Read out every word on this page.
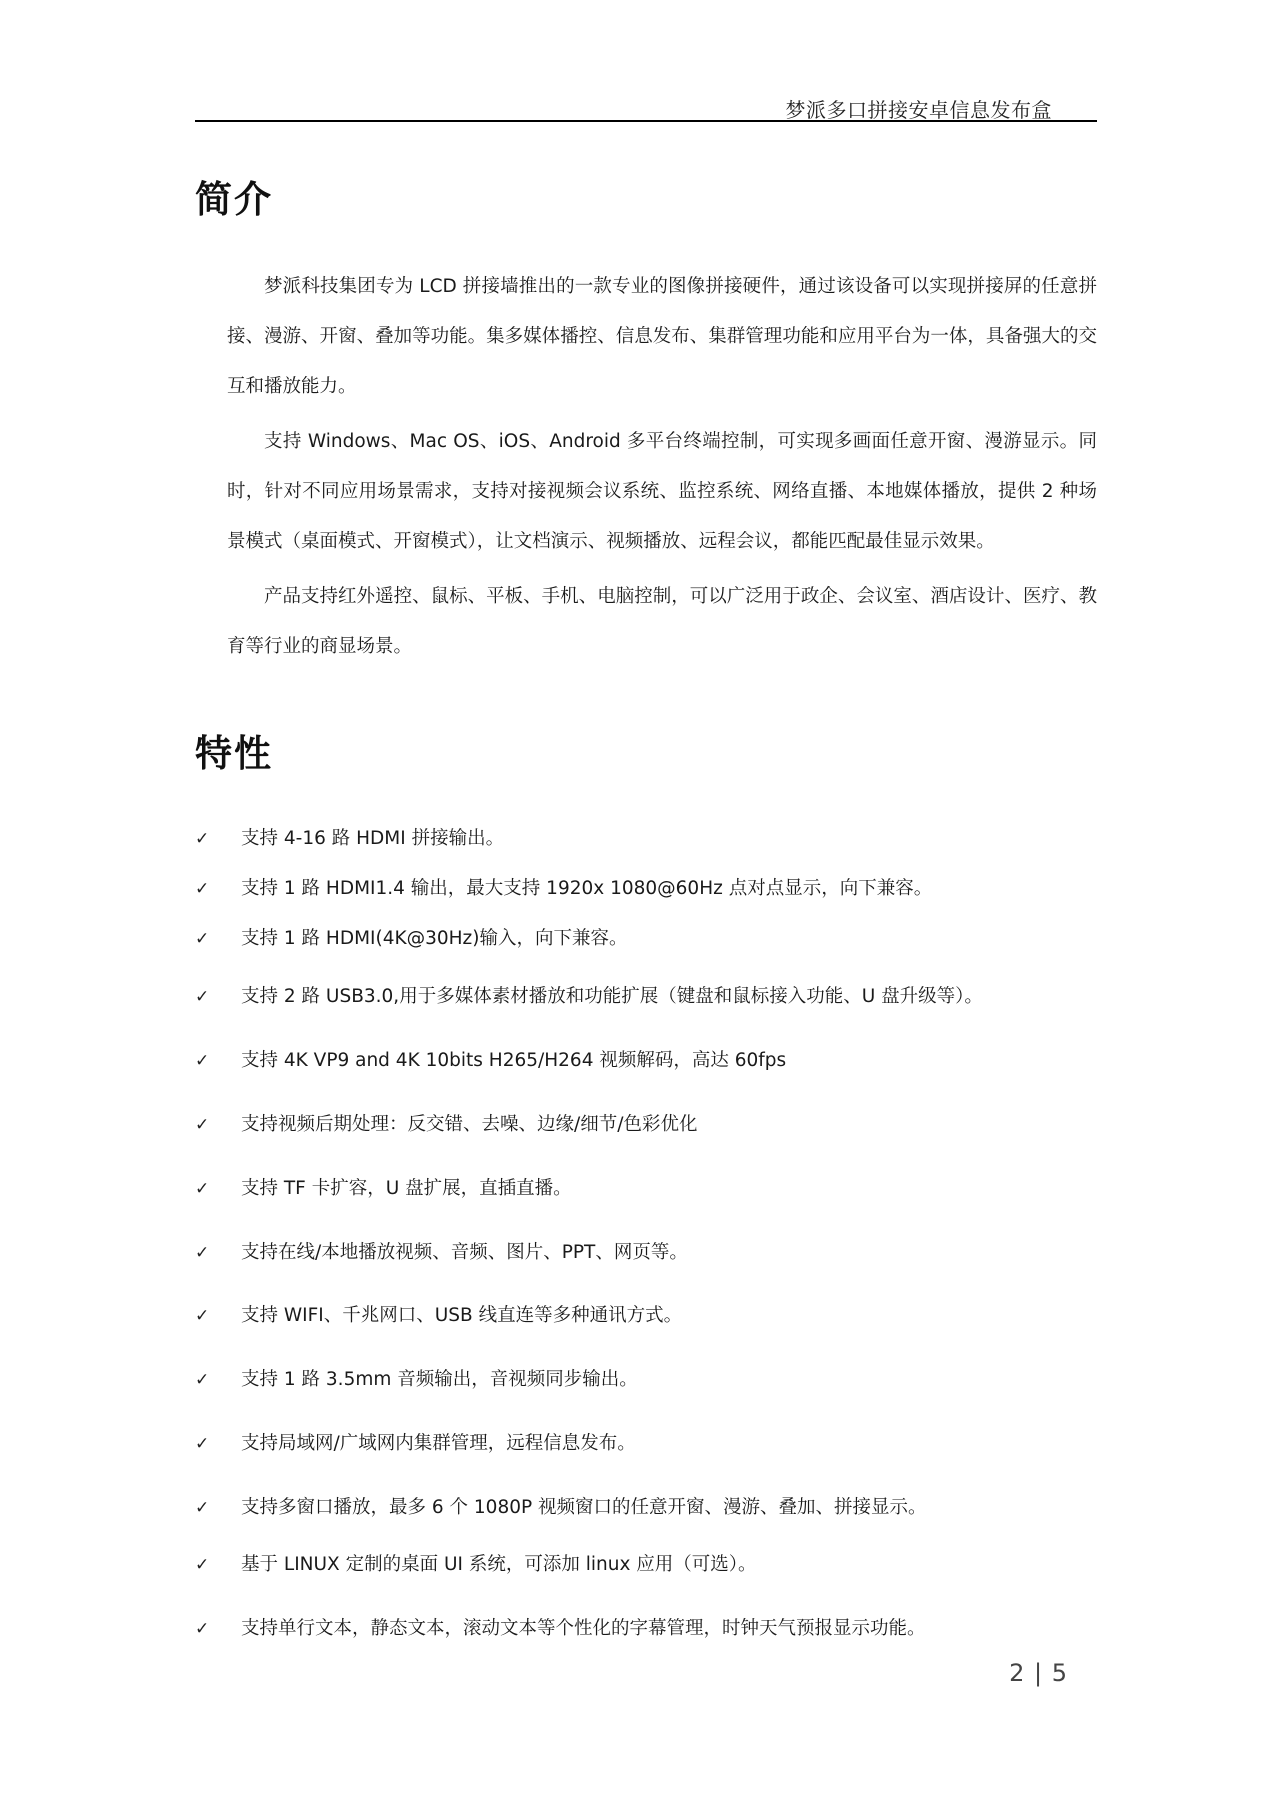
梦派多口拼接安卓信息发布盒
简介

梦派科技集团专为 LCD 拼接墙推出的一款专业的图像拼接硬件，通过该设备可以实现拼接屏的任意拼接、漫游、开窗、叠加等功能。集多媒体播控、信息发布、集群管理功能和应用平台为一体，具备强大的交互和播放能力。

支持 Windows、Mac OS、iOS、Android 多平台终端控制，可实现多画面任意开窗、漫游显示。同时，针对不同应用场景需求，支持对接视频会议系统、监控系统、网络直播、本地媒体播放，提供 2 种场景模式（桌面模式、开窗模式），让文档演示、视频播放、远程会议，都能匹配最佳显示效果。

产品支持红外遥控、鼠标、平板、手机、电脑控制，可以广泛用于政企、会议室、酒店设计、医疗、教育等行业的商显场景。

特性
✓ 支持 4-16 路 HDMI 拼接输出。
✓ 支持 1 路 HDMI1.4 输出，最大支持 1920x 1080@60Hz 点对点显示，向下兼容。
✓ 支持 1 路 HDMI(4K@30Hz)输入，向下兼容。
✓ 支持 2 路 USB3.0,用于多媒体素材播放和功能扩展（键盘和鼠标接入功能、U 盘升级等）。
✓ 支持 4K VP9 and 4K 10bits H265/H264 视频解码，高达 60fps
✓ 支持视频后期处理：反交错、去噪、边缘/细节/色彩优化
✓ 支持 TF 卡扩容，U 盘扩展，直插直播。
✓ 支持在线/本地播放视频、音频、图片、PPT、网页等。
✓ 支持 WIFI、千兆网口、USB 线直连等多种通讯方式。
✓ 支持 1 路 3.5mm 音频输出，音视频同步输出。
✓ 支持局域网/广域网内集群管理，远程信息发布。
✓ 支持多窗口播放，最多 6 个 1080P 视频窗口的任意开窗、漫游、叠加、拼接显示。
✓ 基于 LINUX 定制的桌面 UI 系统，可添加 linux 应用（可选）。
✓ 支持单行文本，静态文本，滚动文本等个性化的字幕管理，时钟天气预报显示功能。
2 | 5
